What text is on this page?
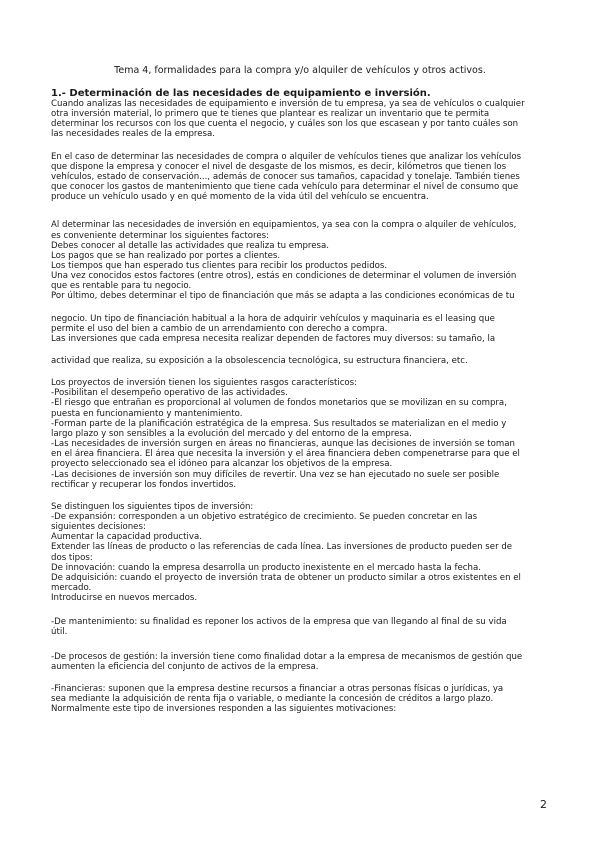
Tema 4, formalidades para la compra y/o alquiler de vehículos y otros activos.
1.- Determinación de las necesidades de equipamiento e inversión.
Cuando analizas las necesidades de equipamiento e inversión de tu empresa, ya sea de vehículos o cualquier
otra inversión material, lo primero que te tienes que plantear es realizar un inventario que te permita
determinar los recursos con los que cuenta el negocio, y cuáles son los que escasean y por tanto cuáles son
las necesidades reales de la empresa.
En el caso de determinar las necesidades de compra o alquiler de vehículos tienes que analizar los vehículos
que dispone la empresa y conocer el nivel de desgaste de los mismos, es decir, kilómetros que tienen los
vehículos, estado de conservación..., además de conocer sus tamaños, capacidad y tonelaje. También tienes
que conocer los gastos de mantenimiento que tiene cada vehículo para determinar el nivel de consumo que
produce un vehículo usado y en qué momento de la vida útil del vehículo se encuentra.
Al determinar las necesidades de inversión en equipamientos, ya sea con la compra o alquiler de vehículos,
es conveniente determinar los siguientes factores:
Debes conocer al detalle las actividades que realiza tu empresa.
Los pagos que se han realizado por portes a clientes.
Los tiempos que han esperado tus clientes para recibir los productos pedidos.
Una vez conocidos estos factores (entre otros), estás en condiciones de determinar el volumen de inversión
que es rentable para tu negocio.
Por último, debes determinar el tipo de financiación que más se adapta a las condiciones económicas de tu
negocio. Un tipo de financiación habitual a la hora de adquirir vehículos y maquinaria es el leasing que
permite el uso del bien a cambio de un arrendamiento con derecho a compra.
Las inversiones que cada empresa necesita realizar dependen de factores muy diversos: su tamaño, la
actividad que realiza, su exposición a la obsolescencia tecnológica, su estructura financiera, etc.
Los proyectos de inversión tienen los siguientes rasgos característicos:
-Posibilitan el desempeño operativo de las actividades.
-El riesgo que entrañan es proporcional al volumen de fondos monetarios que se movilizan en su compra,
puesta en funcionamiento y mantenimiento.
-Forman parte de la planificación estratégica de la empresa. Sus resultados se materializan en el medio y
largo plazo y son sensibles a la evolución del mercado y del entorno de la empresa.
-Las necesidades de inversión surgen en áreas no financieras, aunque las decisiones de inversión se toman
en el área financiera. El área que necesita la inversión y el área financiera deben compenetrarse para que el
proyecto seleccionado sea el idóneo para alcanzar los objetivos de la empresa.
-Las decisiones de inversión son muy difíciles de revertir. Una vez se han ejecutado no suele ser posible
rectificar y recuperar los fondos invertidos.
Se distinguen los siguientes tipos de inversión:
-De expansión: corresponden a un objetivo estratégico de crecimiento. Se pueden concretar en las
siguientes decisiones:
Aumentar la capacidad productiva.
Extender las líneas de producto o las referencias de cada línea. Las inversiones de producto pueden ser de
dos tipos:
De innovación: cuando la empresa desarrolla un producto inexistente en el mercado hasta la fecha.
De adquisición: cuando el proyecto de inversión trata de obtener un producto similar a otros existentes en el
mercado.
Introducirse en nuevos mercados.
-De mantenimiento: su finalidad es reponer los activos de la empresa que van llegando al final de su vida
útil.
-De procesos de gestión: la inversión tiene como finalidad dotar a la empresa de mecanismos de gestión que
aumenten la eficiencia del conjunto de activos de la empresa.
-Financieras: suponen que la empresa destine recursos a financiar a otras personas físicas o jurídicas, ya
sea mediante la adquisición de renta fija o variable, o mediante la concesión de créditos a largo plazo.
Normalmente este tipo de inversiones responden a las siguientes motivaciones:
2
